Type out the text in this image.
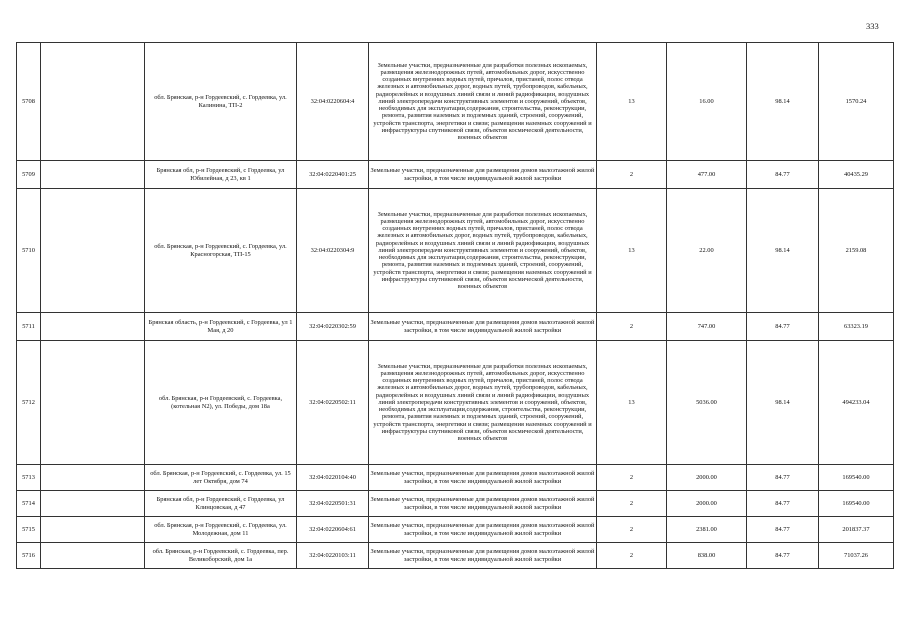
333
5708		обл. Брянская, р-н Гордеевский, с. Гордеевка, ул. Калинина, ТП-2	32:04:0220604:4	Земельные участки, предназначенные для разработки полезных ископаемых, размещения железнодорожных путей, автомобильных дорог, искусственно созданных внутренних водных путей, причалов, пристаней, полос отвода железных и автомобильных дорог, водных путей, трубопроводов, кабельных, радиорелейных и воздушных линий связи и линий радиофикации, воздушных линий электропередачи конструктивных элементов и сооружений, объектов, необходимых для эксплуатации,содержания, строительства, реконструкции, ремонта, развития наземных и подземных зданий, строений, сооружений, устройств транспорта, энергетики и связи; размещения наземных сооружений и инфраструктуры спутниковой связи, объектов космической деятельности, военных объектов	13	16.00	98.14	1570.24
5709		Брянская обл, р-н Гордеевский, с Гордеевка, ул Юбилейная, д 23, кв 1	32:04:0220401:25	Земельные участки, предназначенные для размещения домов малоэтажной жилой застройки, в том числе индивидуальной жилой застройки	2	477.00	84.77	40435.29
5710		обл. Брянская, р-н Гордеевский, с. Гордеевка, ул. Красногорская, ТП-15	32:04:0220304:9	Земельные участки, предназначенные для разработки полезных ископаемых, размещения железнодорожных путей, автомобильных дорог, искусственно созданных внутренних водных путей, причалов, пристаней, полос отвода железных и автомобильных дорог, водных путей, трубопроводов, кабельных, радиорелейных и воздушных линий связи и линий радиофикации, воздушных линий электропередачи конструктивных элементов и сооружений, объектов, необходимых для эксплуатации,содержания, строительства, реконструкции, ремонта, развития наземных и подземных зданий, строений, сооружений, устройств транспорта, энергетики и связи; размещения наземных сооружений и инфраструктуры спутниковой связи, объектов космической деятельности, военных объектов	13	22.00	98.14	2159.08
5711		Брянская область, р-н Гордеевский, с Гордеевка, ул 1 Мая, д 20	32:04:0220302:59	Земельные участки, предназначенные для размещения домов малоэтажной жилой застройки, в том числе индивидуальной жилой застройки	2	747.00	84.77	63323.19
5712		обл. Брянская, р-н Гордеевский, с. Гордеевка, (котельная N2), ул. Победы, дом 18а	32:04:0220502:11	Земельные участки, предназначенные для разработки полезных ископаемых, размещения железнодорожных путей, автомобильных дорог, искусственно созданных внутренних водных путей, причалов, пристаней, полос отвода железных и автомобильных дорог, водных путей, трубопроводов, кабельных, радиорелейных и воздушных линий связи и линий радиофикации, воздушных линий электропередачи конструктивных элементов и сооружений, объектов, необходимых для эксплуатации,содержания, строительства, реконструкции, ремонта, развития наземных и подземных зданий, строений, сооружений, устройств транспорта, энергетики и связи; размещения наземных сооружений и инфраструктуры спутниковой связи, объектов космической деятельности, военных объектов	13	5036.00	98.14	494233.04
5713		обл. Брянская, р-н Гордеевский, с. Гордеевка, ул. 15 лет Октября, дом 74	32:04:0220104:40	Земельные участки, предназначенные для размещения домов малоэтажной жилой застройки, в том числе индивидуальной жилой застройки	2	2000.00	84.77	169540.00
5714		Брянская обл, р-н Гордеевский, с Гордеевка, ул Клинцовская, д 47	32:04:0220501:31	Земельные участки, предназначенные для размещения домов малоэтажной жилой застройки, в том числе индивидуальной жилой застройки	2	2000.00	84.77	169540.00
5715		обл. Брянская, р-н Гордеевский, с. Гордеевка, ул. Молодежная, дом 11	32:04:0220604:61	Земельные участки, предназначенные для размещения домов малоэтажной жилой застройки, в том числе индивидуальной жилой застройки	2	2381.00	84.77	201837.37
5716		обл. Брянская, р-н Гордеевский, с. Гордеевка, пер. Великоборский, дом 1а	32:04:0220103:11	Земельные участки, предназначенные для размещения домов малоэтажной жилой застройки, в том числе индивидуальной жилой застройки	2	838.00	84.77	71037.26
